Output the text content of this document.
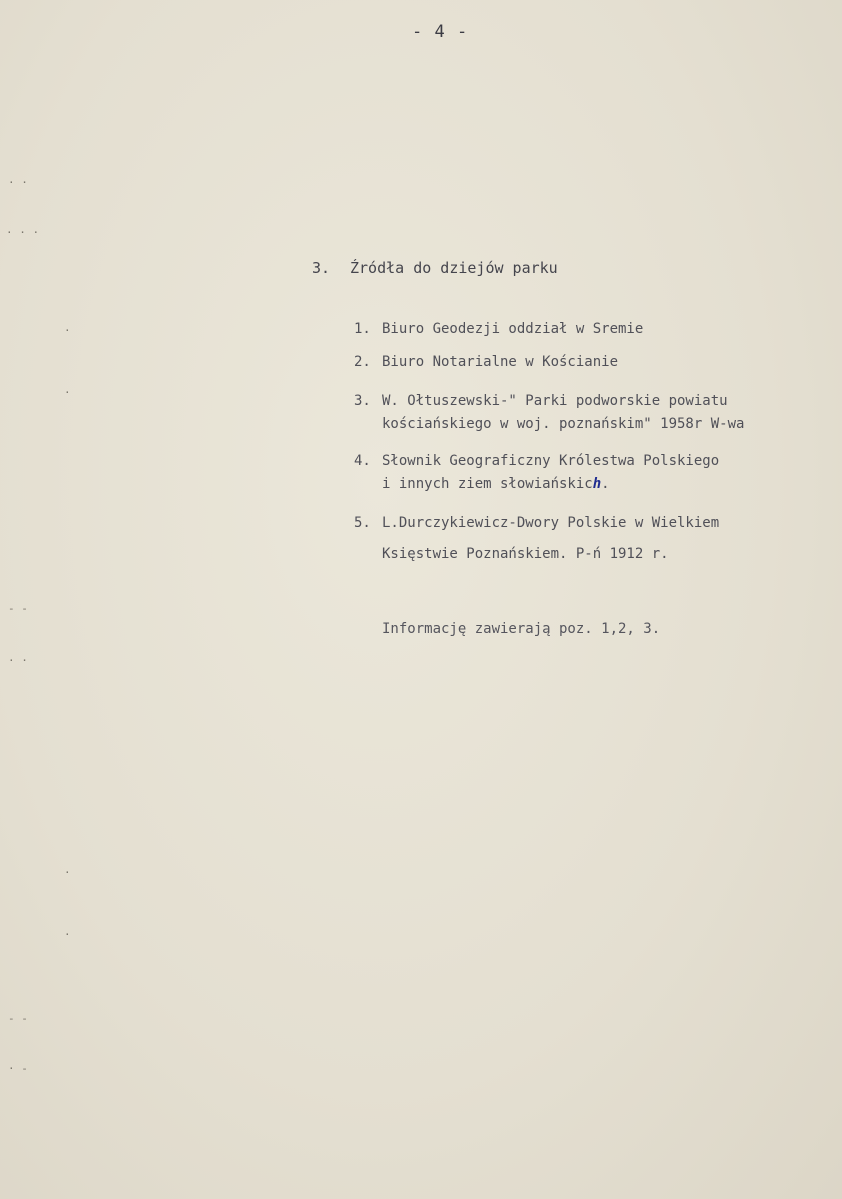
- 4 -
3. Źródła do dziejów parku
1. Biuro Geodezji oddział w Sremie
2. Biuro Notarialne w Kościanie
3. W. Ołtuszewski-" Parki podworskie powiatu
kościańskiego w woj. poznańskim" 1958r W-wa
4. Słownik Geograficzny Królestwa Polskiego
i innych ziem słowiańskich.
5. L.Durczykiewicz-Dwory Polskie w Wielkiem
Księstwie Poznańskiem. P-ń 1912 r.
Informację zawierają poz. 1,2, 3.
· ·
· · ·
·
·
- -
· ·
·
·
- -
· -
